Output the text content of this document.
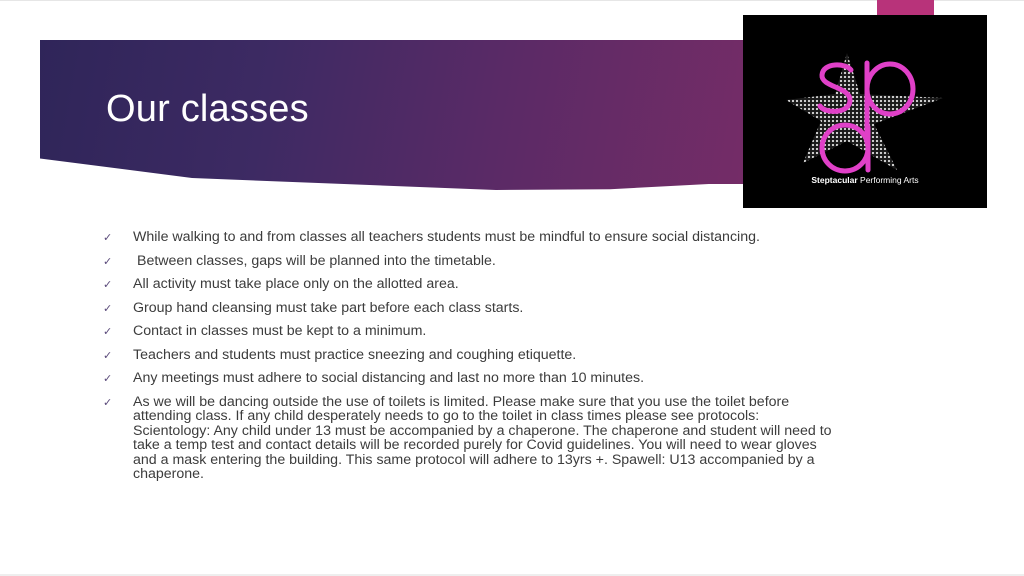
Our classes
Steptacular Performing Arts
✓ While walking to and from classes all teachers students must be mindful to ensure social distancing.
✓ Between classes, gaps will be planned into the timetable.
✓ All activity must take place only on the allotted area.
✓ Group hand cleansing must take part before each class starts.
✓ Contact in classes must be kept to a minimum.
✓ Teachers and students must practice sneezing and coughing etiquette.
✓ Any meetings must adhere to social distancing and last no more than 10 minutes.
✓ As we will be dancing outside the use of toilets is limited. Please make sure that you use the toilet before attending class. If any child desperately needs to go to the toilet in class times please see protocols: Scientology: Any child under 13 must be accompanied by a chaperone. The chaperone and student will need to take a temp test and contact details will be recorded purely for Covid guidelines. You will need to wear gloves and a mask entering the building. This same protocol will adhere to 13yrs +. Spawell: U13 accompanied by a chaperone.
